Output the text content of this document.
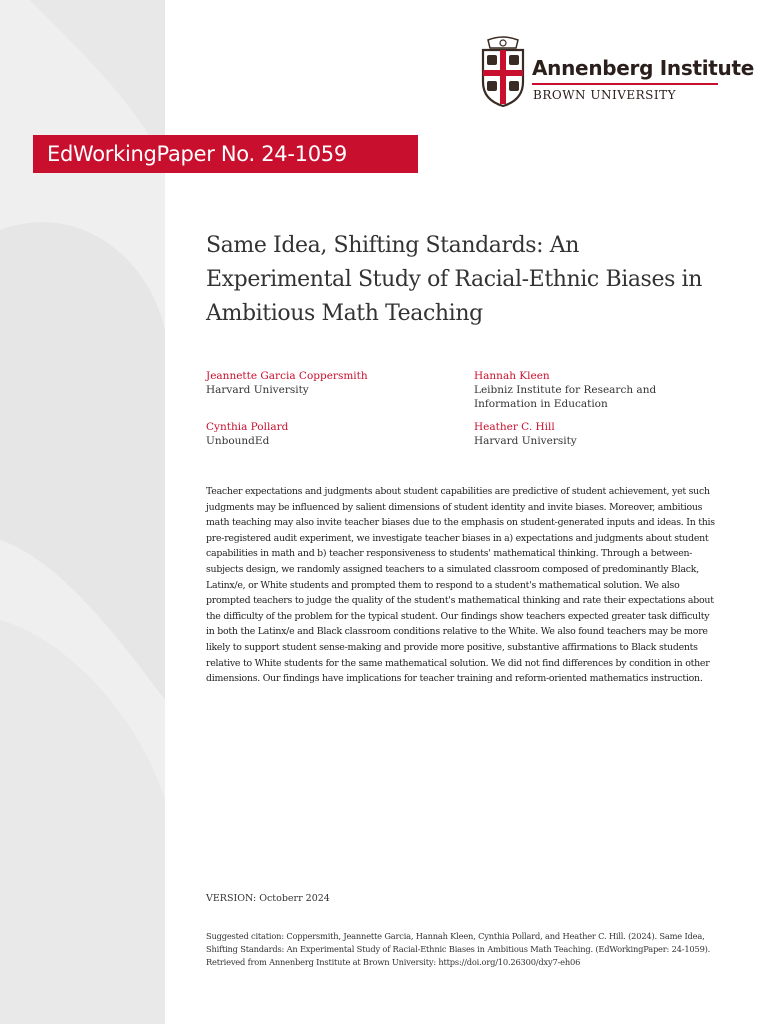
Annenberg Institute
BROWN UNIVERSITY
EdWorkingPaper No. 24-1059
Same Idea, Shifting Standards: An Experimental Study of Racial-Ethnic Biases in Ambitious Math Teaching
Jeannette Garcia Coppersmith
Harvard University
Hannah Kleen
Leibniz Institute for Research and Information in Education
Cynthia Pollard
UnboundEd
Heather C. Hill
Harvard University
Teacher expectations and judgments about student capabilities are predictive of student achievement, yet such judgments may be influenced by salient dimensions of student identity and invite biases. Moreover, ambitious math teaching may also invite teacher biases due to the emphasis on student-generated inputs and ideas. In this pre-registered audit experiment, we investigate teacher biases in a) expectations and judgments about student capabilities in math and b) teacher responsiveness to students' mathematical thinking. Through a between-subjects design, we randomly assigned teachers to a simulated classroom composed of predominantly Black, Latinx/e, or White students and prompted them to respond to a student's mathematical solution. We also prompted teachers to judge the quality of the student's mathematical thinking and rate their expectations about the difficulty of the problem for the typical student. Our findings show teachers expected greater task difficulty in both the Latinx/e and Black classroom conditions relative to the White. We also found teachers may be more likely to support student sense-making and provide more positive, substantive affirmations to Black students relative to White students for the same mathematical solution. We did not find differences by condition in other dimensions. Our findings have implications for teacher training and reform-oriented mathematics instruction.
VERSION: Octoberr 2024
Suggested citation: Coppersmith, Jeannette Garcia, Hannah Kleen, Cynthia Pollard, and Heather C. Hill. (2024). Same Idea, Shifting Standards: An Experimental Study of Racial-Ethnic Biases in Ambitious Math Teaching. (EdWorkingPaper: 24-1059). Retrieved from Annenberg Institute at Brown University: https://doi.org/10.26300/dxy7-eh06
